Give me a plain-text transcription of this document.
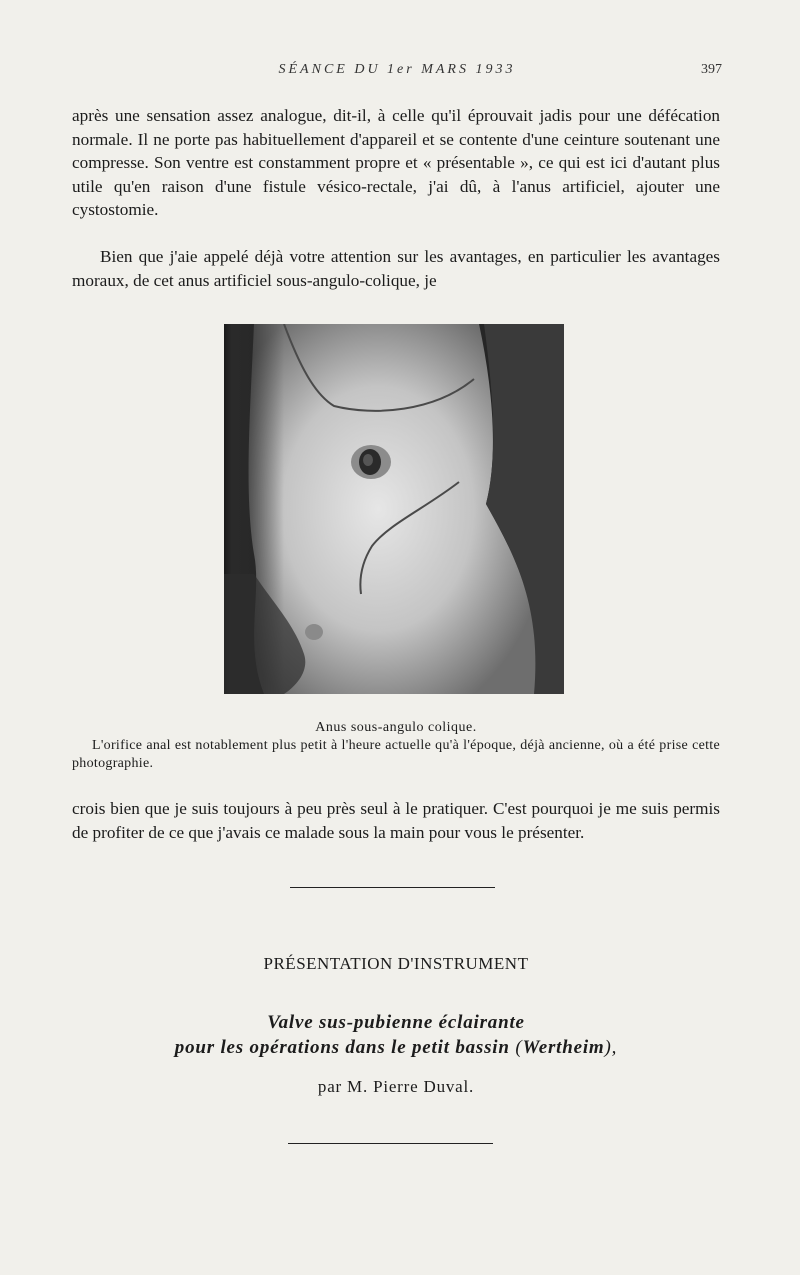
SÉANCE DU 1er MARS 1933	397

après une sensation assez analogue, dit-il, à celle qu'il éprouvait jadis pour une défécation normale. Il ne porte pas habituellement d'appareil et se contente d'une ceinture soutenant une compresse. Son ventre est constamment propre et « présentable », ce qui est ici d'autant plus utile qu'en raison d'une fistule vésico-rectale, j'ai dû, à l'anus artificiel, ajouter une cystostomie.

Bien que j'aie appelé déjà votre attention sur les avantages, en particulier les avantages moraux, de cet anus artificiel sous-angulo-colique, je

Anus sous-angulo colique.

L'orifice anal est notablement plus petit à l'heure actuelle qu'à l'époque, déjà ancienne, où a été prise cette photographie.

crois bien que je suis toujours à peu près seul à le pratiquer. C'est pourquoi je me suis permis de profiter de ce que j'avais ce malade sous la main pour vous le présenter.

PRÉSENTATION D'INSTRUMENT

Valve sus-pubienne éclairante
pour les opérations dans le petit bassin (Wertheim),

par M. Pierre Duval.
